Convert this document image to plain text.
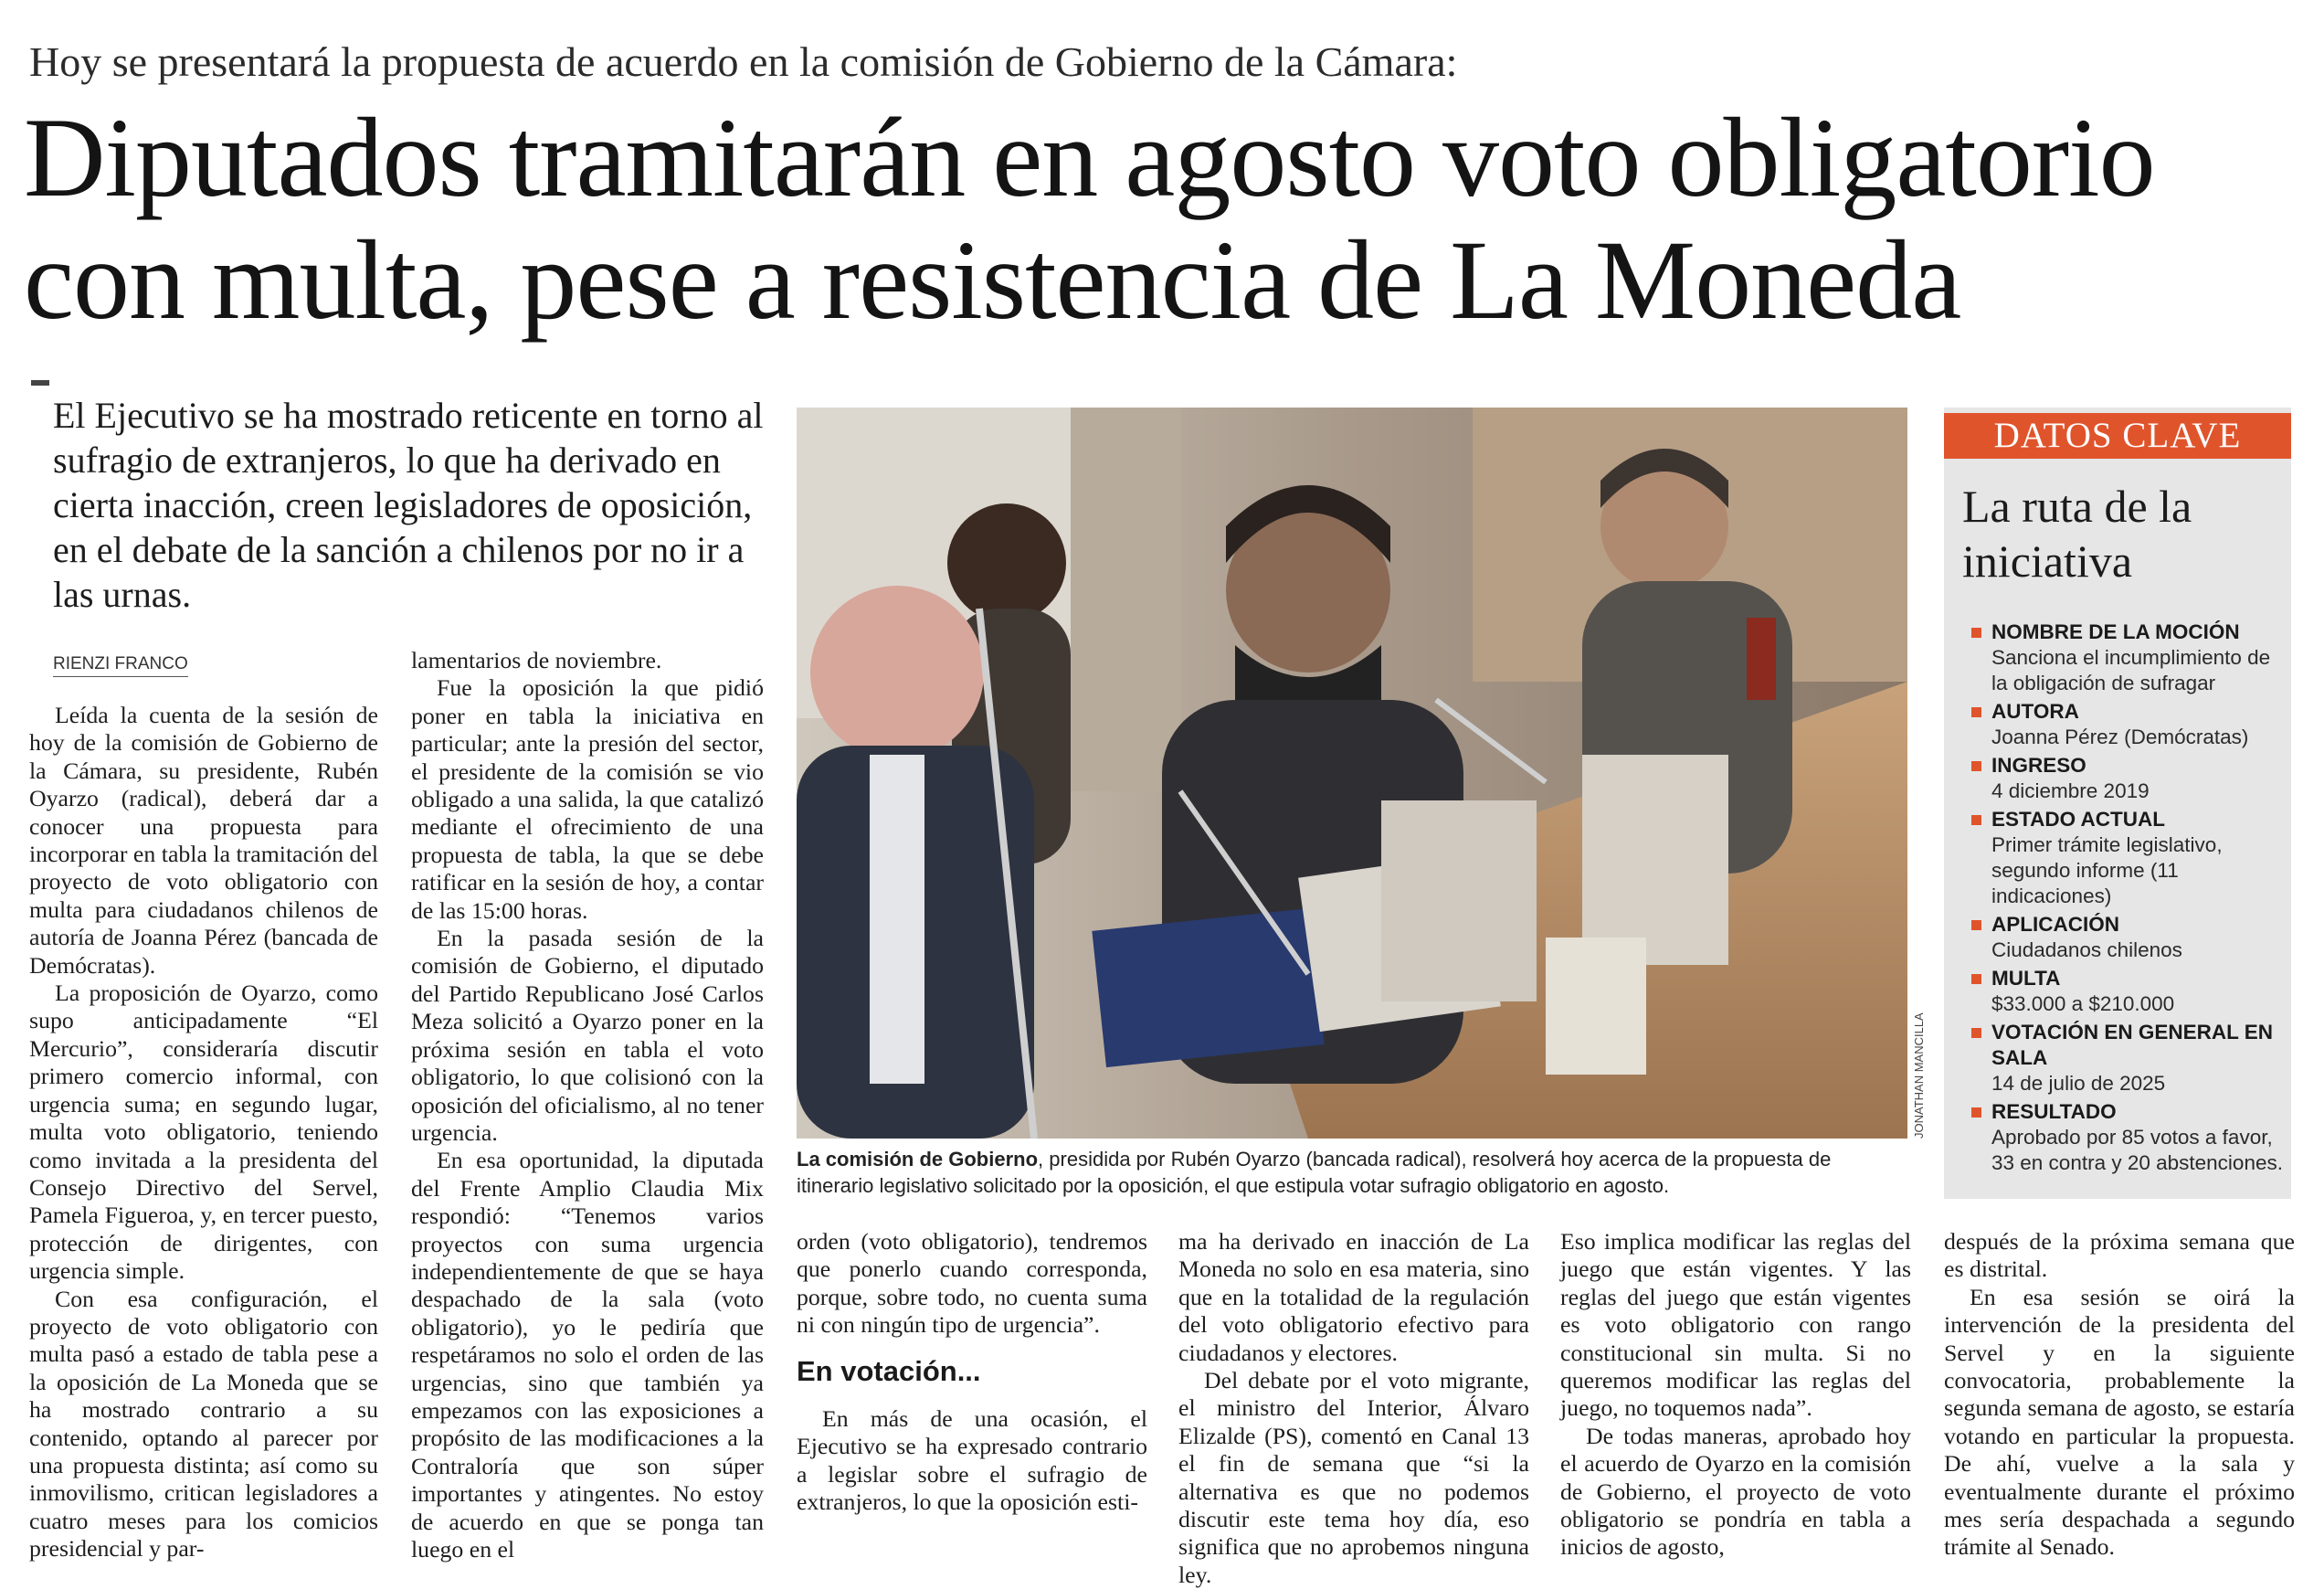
Hoy se presentará la propuesta de acuerdo en la comisión de Gobierno de la Cámara:
Diputados tramitarán en agosto voto obligatorio
con multa, pese a resistencia de La Moneda
El Ejecutivo se ha mostrado reticente en torno al sufragio de extranjeros, lo que ha derivado en cierta inacción, creen legisladores de oposición, en el debate de la sanción a chilenos por no ir a las urnas.
RIENZI FRANCO

Leída la cuenta de la sesión de hoy de la comisión de Gobierno de la Cámara, su presidente, Rubén Oyarzo (radical), deberá dar a conocer una propuesta para incorporar en tabla la tramitación del proyecto de voto obligatorio con multa para ciudadanos chilenos de autoría de Joanna Pérez (bancada de Demócratas).

La proposición de Oyarzo, como supo anticipadamente “El Mercurio”, consideraría discutir primero comercio informal, con urgencia suma; en segundo lugar, multa voto obligatorio, teniendo como invitada a la presidenta del Consejo Directivo del Servel, Pamela Figueroa, y, en tercer puesto, protección de dirigentes, con urgencia simple.

Con esa configuración, el proyecto de voto obligatorio con multa pasó a estado de tabla pese a la oposición de La Moneda que se ha mostrado contrario a su contenido, optando al parecer por una propuesta distinta; así como su inmovilismo, critican legisladores a cuatro meses para los comicios presidencial y par-

lamentarios de noviembre.

Fue la oposición la que pidió poner en tabla la iniciativa en particular; ante la presión del sector, el presidente de la comisión se vio obligado a una salida, la que catalizó mediante el ofrecimiento de una propuesta de tabla, la que se debe ratificar en la sesión de hoy, a contar de las 15:00 horas.

En la pasada sesión de la comisión de Gobierno, el diputado del Partido Republicano José Carlos Meza solicitó a Oyarzo poner en la próxima sesión en tabla el voto obligatorio, lo que colisionó con la oposición del oficialismo, al no tener urgencia.

En esa oportunidad, la diputada del Frente Amplio Claudia Mix respondió: “Tenemos varios proyectos con suma urgencia independientemente de que se haya despachado de la sala (voto obligatorio), yo le pediría que respetáramos no solo el orden de las urgencias, sino que también ya empezamos con las exposiciones a propósito de las modificaciones a la Contraloría que son súper importantes y atingentes. No estoy de acuerdo en que se ponga tan luego en el

JONATHAN MANCILLA
La comisión de Gobierno, presidida por Rubén Oyarzo (bancada radical), resolverá hoy acerca de la propuesta de itinerario legislativo solicitado por la oposición, el que estipula votar sufragio obligatorio en agosto.

orden (voto obligatorio), tendremos que ponerlo cuando corresponda, porque, sobre todo, no cuenta suma ni con ningún tipo de urgencia”.

En votación...

En más de una ocasión, el Ejecutivo se ha expresado contrario a legislar sobre el sufragio de extranjeros, lo que la oposición esti-

ma ha derivado en inacción de La Moneda no solo en esa materia, sino que en la totalidad de la regulación del voto obligatorio efectivo para ciudadanos y electores.

Del debate por el voto migrante, el ministro del Interior, Álvaro Elizalde (PS), comentó en Canal 13 el fin de semana que “si la alternativa es que no podemos discutir este tema hoy día, eso significa que no aprobemos ninguna ley.

Eso implica modificar las reglas del juego que están vigentes. Y las reglas del juego que están vigentes es voto obligatorio con rango constitucional sin multa. Si no queremos modificar las reglas del juego, no toquemos nada”.

De todas maneras, aprobado hoy el acuerdo de Oyarzo en la comisión de Gobierno, el proyecto de voto obligatorio se pondría en tabla a inicios de agosto,

después de la próxima semana que es distrital.

En esa sesión se oirá la intervención de la presidenta del Servel y en la siguiente convocatoria, probablemente la segunda semana de agosto, se estaría votando en particular la propuesta. De ahí, vuelve a la sala y eventualmente durante el próximo mes sería despachada a segundo trámite al Senado.

DATOS CLAVE
La ruta de la iniciativa
NOMBRE DE LA MOCIÓN
Sanciona el incumplimiento de la obligación de sufragar
AUTORA
Joanna Pérez (Demócratas)
INGRESO
4 diciembre 2019
ESTADO ACTUAL
Primer trámite legislativo, segundo informe (11 indicaciones)
APLICACIÓN
Ciudadanos chilenos
MULTA
$33.000 a $210.000
VOTACIÓN EN GENERAL EN SALA
14 de julio de 2025
RESULTADO
Aprobado por 85 votos a favor, 33 en contra y 20 abstenciones.
